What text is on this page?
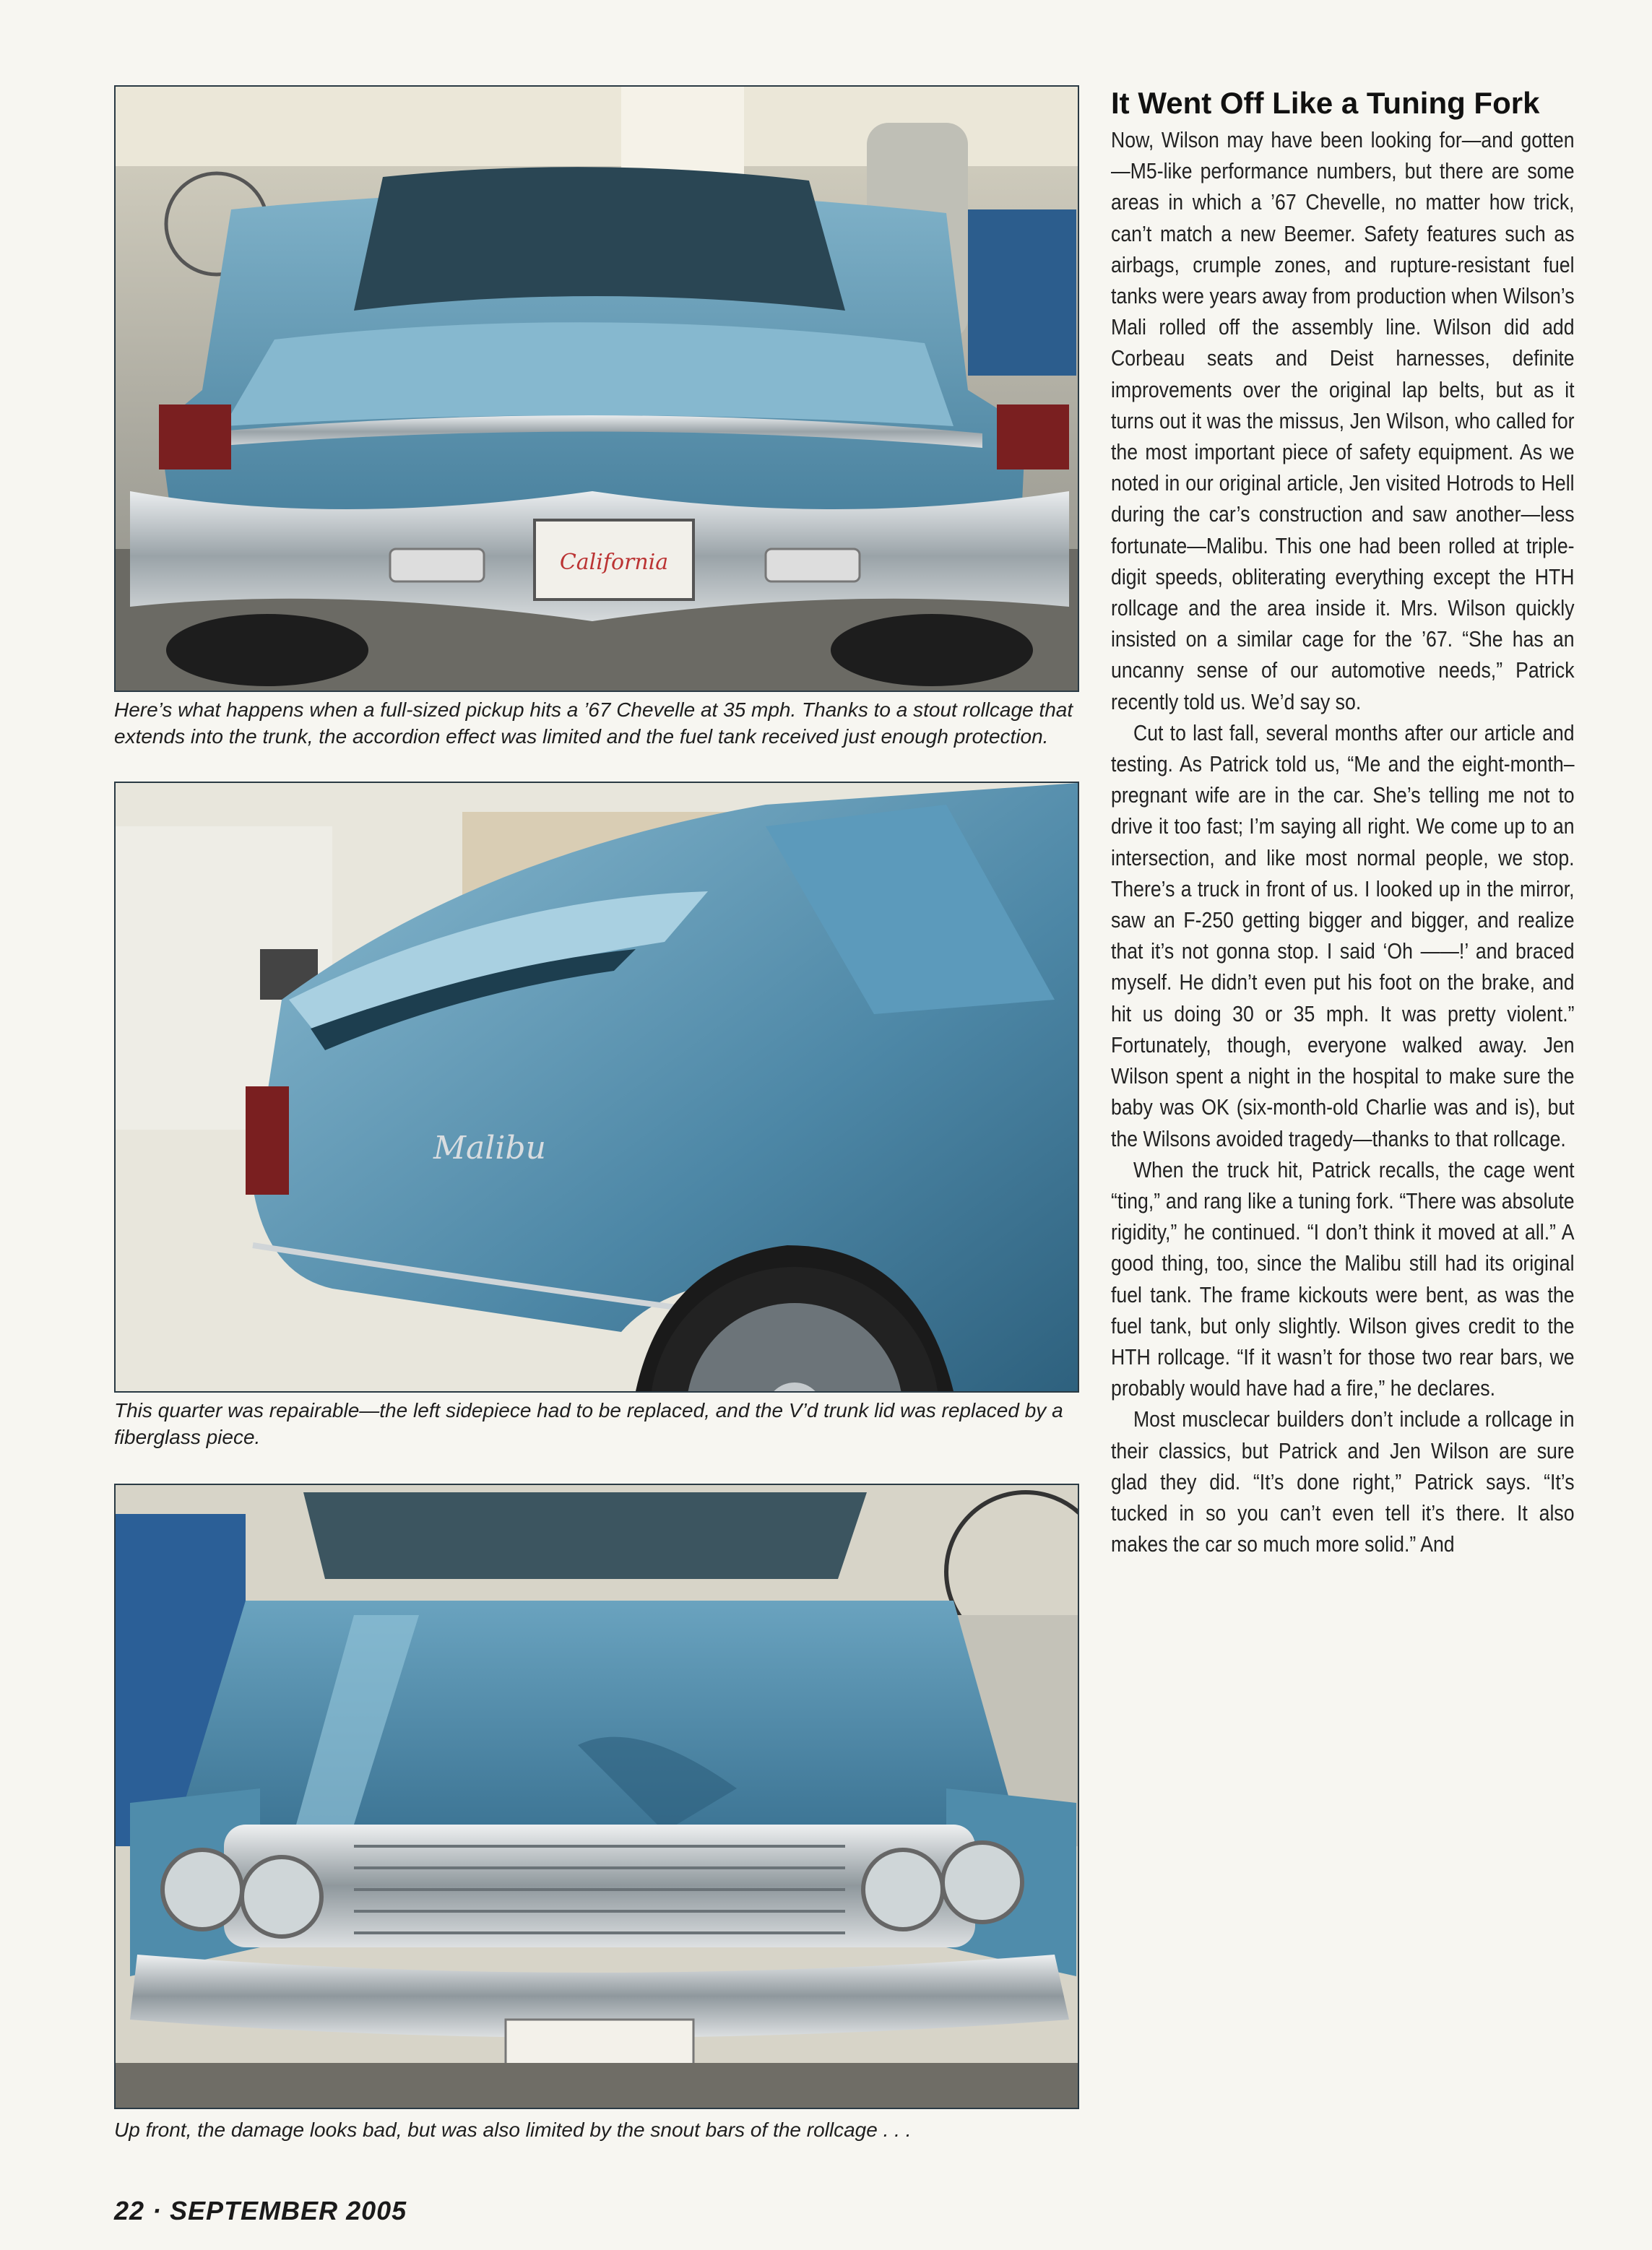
California
Here’s what happens when a full-sized pickup hits a ’67 Chevelle at 35 mph. Thanks to a stout rollcage that extends into the trunk, the accordion effect was limited and the fuel tank received just enough protection.
Malibu
This quarter was repairable—the left sidepiece had to be replaced, and the V’d trunk lid was replaced by a fiberglass piece.
Up front, the damage looks bad, but was also limited by the snout bars of the rollcage . . .
It Went Off Like a Tuning Fork

Now, Wilson may have been looking for—and gotten—M5-like performance numbers, but there are some areas in which a ’67 Chevelle, no matter how trick, can’t match a new Beemer. Safety features such as airbags, crumple zones, and rupture-resistant fuel tanks were years away from production when Wilson’s Mali rolled off the assembly line. Wilson did add Corbeau seats and Deist harnesses, definite improvements over the original lap belts, but as it turns out it was the missus, Jen Wilson, who called for the most important piece of safety equipment. As we noted in our original article, Jen visited Hotrods to Hell during the car’s construction and saw another—less fortunate—Malibu. This one had been rolled at triple-digit speeds, obliterating everything except the HTH rollcage and the area inside it. Mrs. Wilson quickly insisted on a similar cage for the ’67. “She has an uncanny sense of our automotive needs,” Patrick recently told us. We’d say so.

Cut to last fall, several months after our article and testing. As Patrick told us, “Me and the eight-month–pregnant wife are in the car. She’s telling me not to drive it too fast; I’m saying all right. We come up to an intersection, and like most normal people, we stop. There’s a truck in front of us. I looked up in the mirror, saw an F-250 getting bigger and bigger, and realize that it’s not gonna stop. I said ‘Oh ——!’ and braced myself. He didn’t even put his foot on the brake, and hit us doing 30 or 35 mph. It was pretty violent.” Fortunately, though, everyone walked away. Jen Wilson spent a night in the hospital to make sure the baby was OK (six-month-old Charlie was and is), but the Wilsons avoided tragedy—thanks to that rollcage.

When the truck hit, Patrick recalls, the cage went “ting,” and rang like a tuning fork. “There was absolute rigidity,” he continued. “I don’t think it moved at all.” A good thing, too, since the Malibu still had its original fuel tank. The frame kickouts were bent, as was the fuel tank, but only slightly. Wilson gives credit to the HTH rollcage. “If it wasn’t for those two rear bars, we probably would have had a fire,” he declares.

Most musclecar builders don’t include a rollcage in their classics, but Patrick and Jen Wilson are sure glad they did. “It’s done right,” Patrick says. “It’s tucked in so you can’t even tell it’s there. It also makes the car so much more solid.” And

22 · SEPTEMBER 2005
